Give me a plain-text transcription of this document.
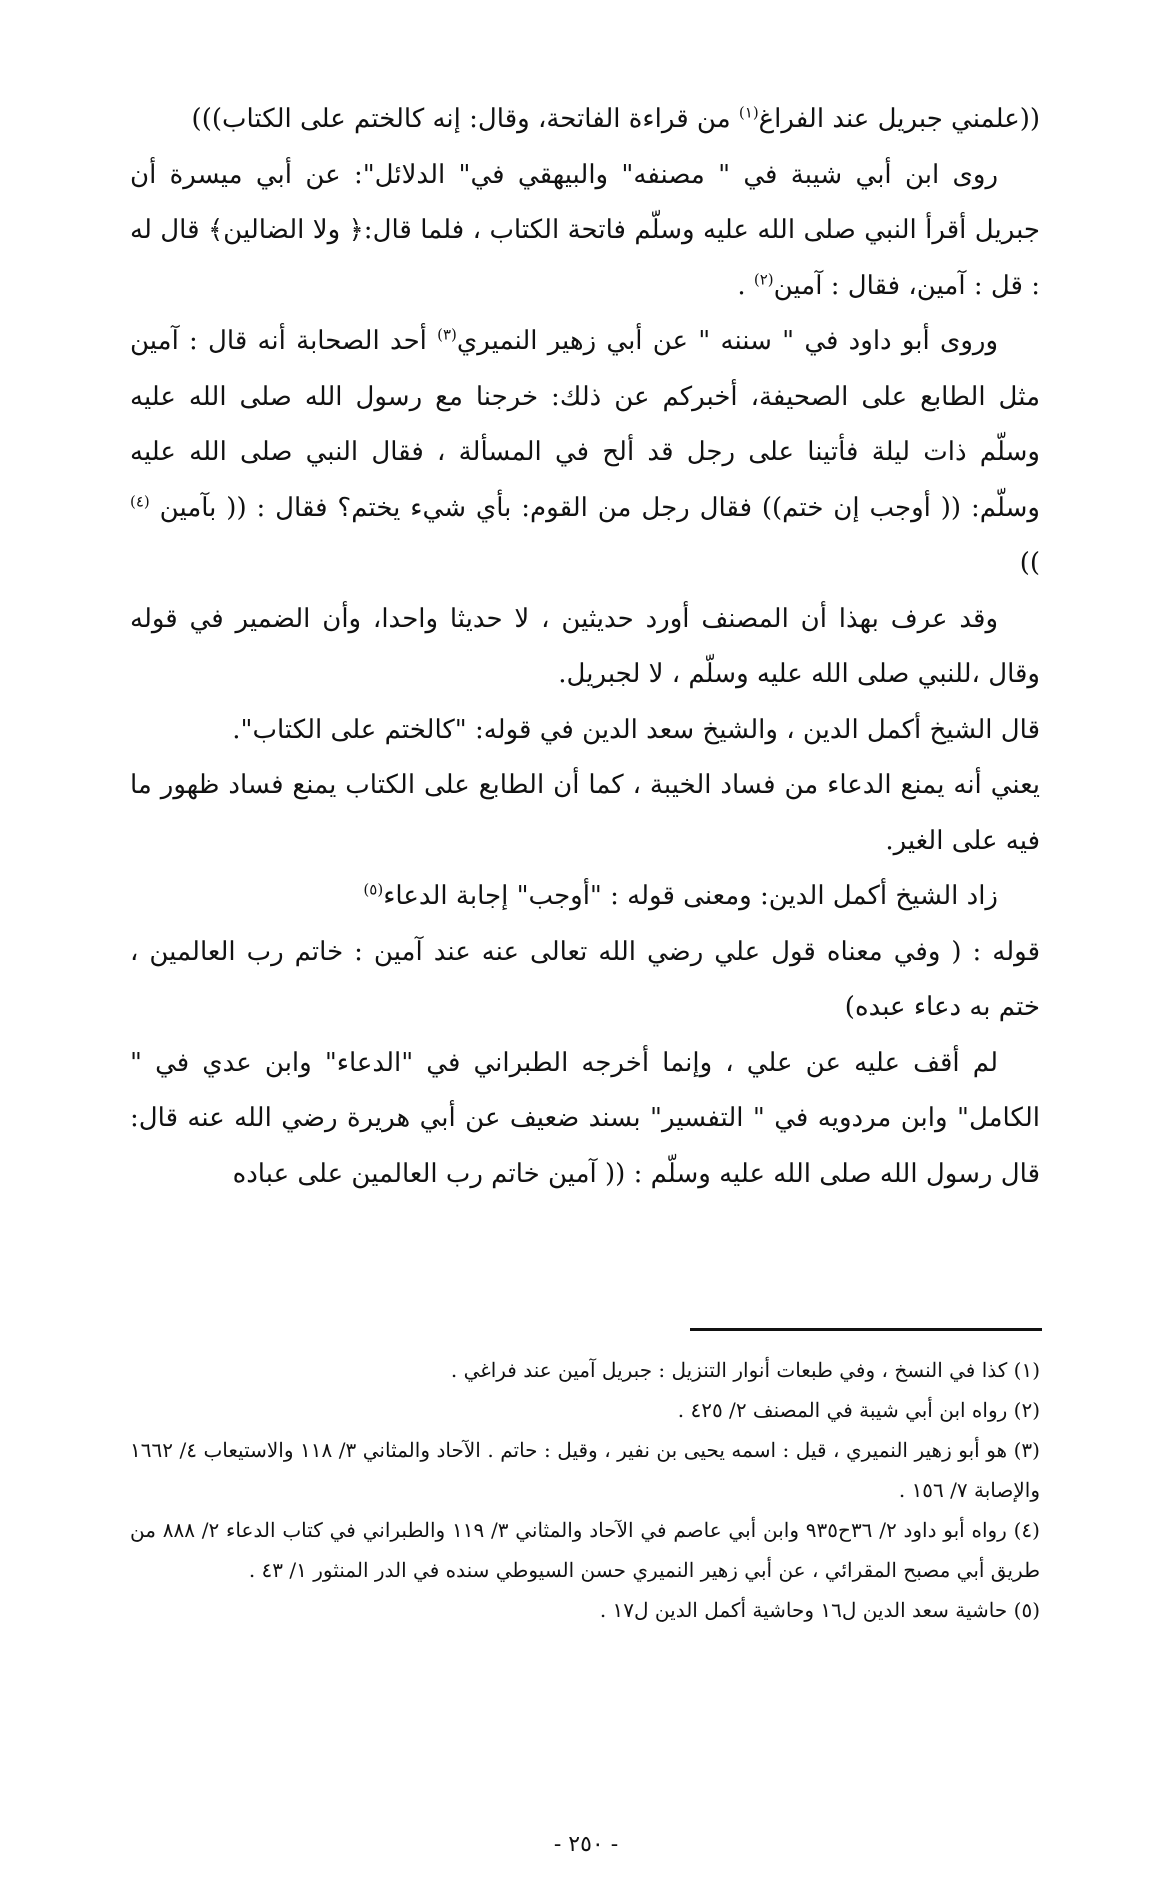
((علمني جبريل عند الفراغ$^{(١)}$ من قراءة الفاتحة، وقال: إنه كالختم على الكتاب)))

روى ابن أبي شيبة في " مصنفه" والبيهقي في" الدلائل": عن أبي ميسرة أن جبريل أقرأ النبي صلى الله عليه وسلّم فاتحة الكتاب ، فلما قال:﴿ ولا الضالين﴾ قال له : قل : آمين، فقال : آمين$^{(٢)}$ .

وروى أبو داود في " سننه " عن أبي زهير النميري$^{(٣)}$ أحد الصحابة أنه قال : آمين مثل الطابع على الصحيفة، أخبركم عن ذلك: خرجنا مع رسول الله صلى الله عليه وسلّم ذات ليلة فأتينا على رجل قد ألح في المسألة ، فقال النبي صلى الله عليه وسلّم: (( أوجب إن ختم)) فقال رجل من القوم: بأي شيء يختم؟ فقال : (( بآمين $^{(٤)}$ ))

وقد عرف بهذا أن المصنف أورد حديثين ، لا حديثا واحدا، وأن الضمير في قوله وقال ،للنبي صلى الله عليه وسلّم ، لا لجبريل.

قال الشيخ أكمل الدين ، والشيخ سعد الدين في قوله: "كالختم على الكتاب".

يعني أنه يمنع الدعاء من فساد الخيبة ، كما أن الطابع على الكتاب يمنع فساد ظهور ما فيه على الغير.

زاد الشيخ أكمل الدين: ومعنى قوله : "أوجب" إجابة الدعاء$^{(٥)}$

قوله : ( وفي معناه قول علي رضي الله تعالى عنه عند آمين : خاتم رب العالمين ، ختم به دعاء عبده)

لم أقف عليه عن علي ، وإنما أخرجه الطبراني في "الدعاء" وابن عدي في " الكامل" وابن مردويه في " التفسير" بسند ضعيف عن أبي هريرة رضي الله عنه قال: قال رسول الله صلى الله عليه وسلّم : (( آمين خاتم رب العالمين على عباده

(١) كذا في النسخ ، وفي طبعات أنوار التنزيل : جبريل آمين عند فراغي .

(٢) رواه ابن أبي شيبة في المصنف ٢/ ٤٢٥ .

(٣) هو أبو زهير النميري ، قيل : اسمه يحيى بن نفير ، وقيل : حاتم . الآحاد والمثاني ٣/ ١١٨ والاستيعاب ٤/ ١٦٦٢ والإصابة ٧/ ١٥٦ .

(٤) رواه أبو داود ٢/ ٣٦ح٩٣٥ وابن أبي عاصم في الآحاد والمثاني ٣/ ١١٩ والطبراني في كتاب الدعاء ٢/ ٨٨٨ من طريق أبي مصبح المقرائي ، عن أبي زهير النميري حسن السيوطي سنده في الدر المنثور ١/ ٤٣ .

(٥) حاشية سعد الدين ل١٦ وحاشية أكمل الدين ل١٧ .

- ٢٥٠ -
